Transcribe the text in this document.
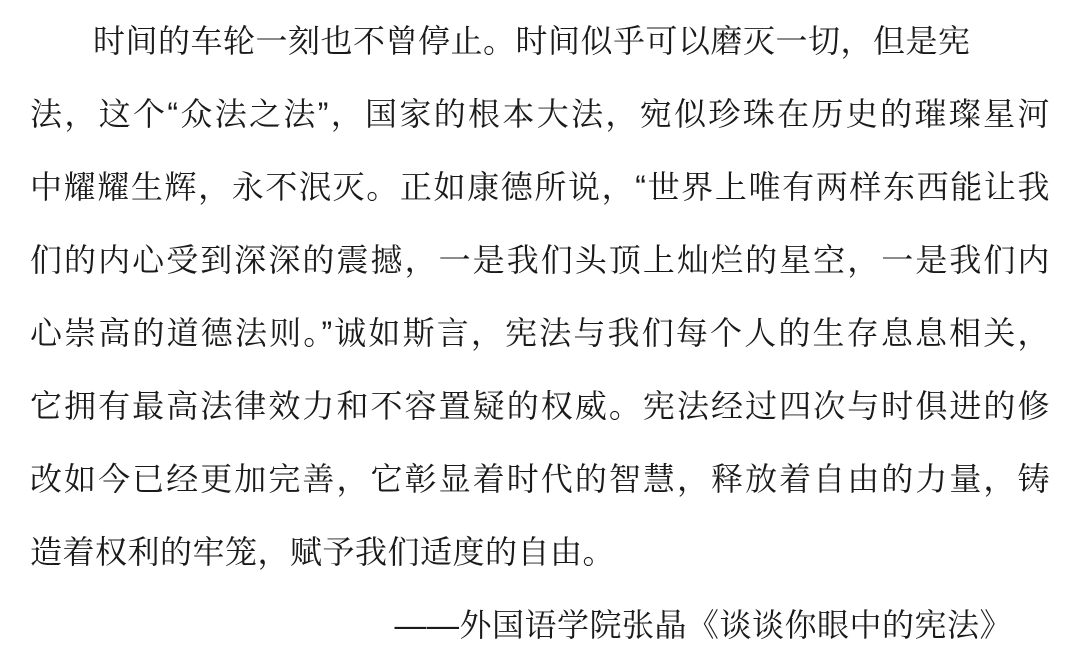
时间的车轮一刻也不曾停止。时间似乎可以磨灭一切，但是宪
法，这个“众法之法”，国家的根本大法，宛似珍珠在历史的璀璨星河
中耀耀生辉，永不泯灭。正如康德所说，“世界上唯有两样东西能让我
们的内心受到深深的震撼，一是我们头顶上灿烂的星空，一是我们内
心崇高的道德法则。”诚如斯言，宪法与我们每个人的生存息息相关，
它拥有最高法律效力和不容置疑的权威。宪法经过四次与时俱进的修
改如今已经更加完善，它彰显着时代的智慧，释放着自由的力量，铸
造着权利的牢笼，赋予我们适度的自由。
——外国语学院张晶《谈谈你眼中的宪法》
